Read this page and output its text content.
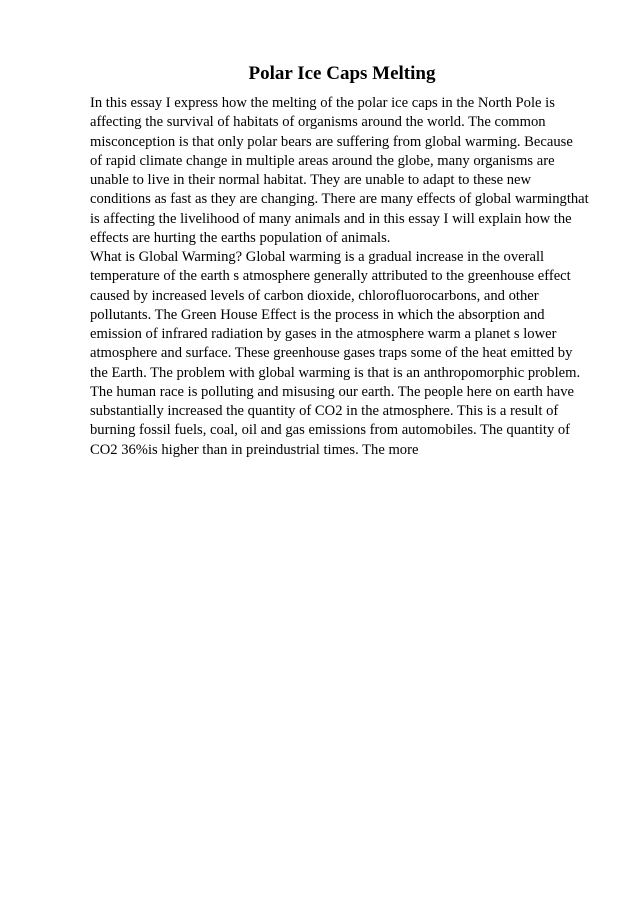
Polar Ice Caps Melting
In this essay I express how the melting of the polar ice caps in the North Pole is
affecting the survival of habitats of organisms around the world. The common
misconception is that only polar bears are suffering from global warming. Because
of rapid climate change in multiple areas around the globe, many organisms are
unable to live in their normal habitat. They are unable to adapt to these new
conditions as fast as they are changing. There are many effects of global warmingthat
is affecting the livelihood of many animals and in this essay I will explain how the
effects are hurting the earths population of animals.
What is Global Warming? Global warming is a gradual increase in the overall
temperature of the earth s atmosphere generally attributed to the greenhouse effect
caused by increased levels of carbon dioxide, chlorofluorocarbons, and other
pollutants. The Green House Effect is the process in which the absorption and
emission of infrared radiation by gases in the atmosphere warm a planet s lower
atmosphere and surface. These greenhouse gases traps some of the heat emitted by
the Earth. The problem with global warming is that is an anthropomorphic problem.
The human race is polluting and misusing our earth. The people here on earth have
substantially increased the quantity of CO2 in the atmosphere. This is a result of
burning fossil fuels, coal, oil and gas emissions from automobiles. The quantity of
CO2 36%is higher than in preindustrial times. The more
